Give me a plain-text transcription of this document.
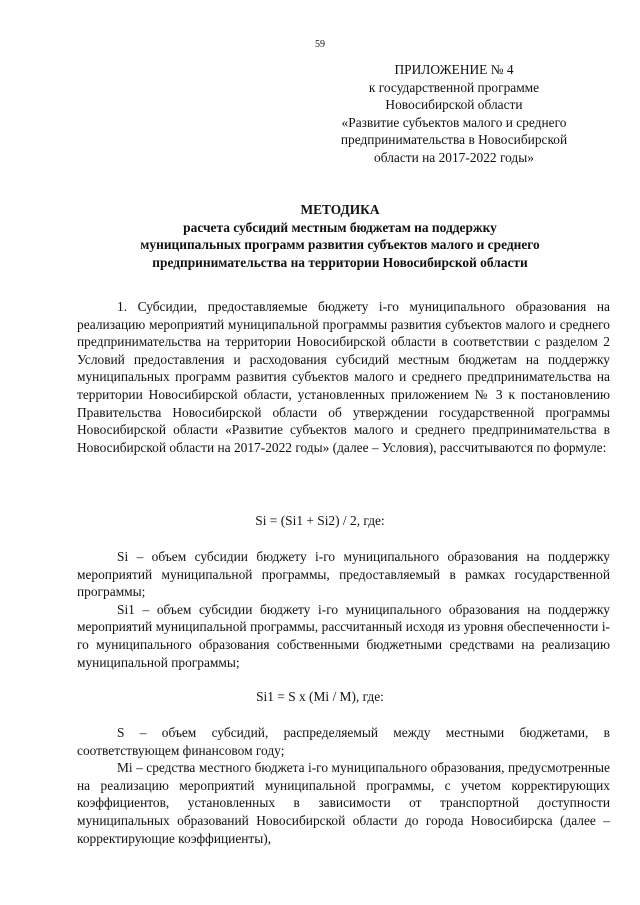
59
ПРИЛОЖЕНИЕ № 4
к государственной программе
Новосибирской области
«Развитие субъектов малого и среднего
предпринимательства в Новосибирской
области на 2017-2022 годы»
МЕТОДИКА
расчета субсидий местным бюджетам на поддержку
муниципальных программ развития субъектов малого и среднего
предпринимательства на территории Новосибирской области

1. Субсидии, предоставляемые бюджету i-го муниципального образования на реализацию мероприятий муниципальной программы развития субъектов малого и среднего предпринимательства на территории Новосибирской области в соответствии с разделом 2 Условий предоставления и расходования субсидий местным бюджетам на поддержку муниципальных программ развития субъектов малого и среднего предпринимательства на территории Новосибирской области, установленных приложением № 3 к постановлению Правительства Новосибирской области об утверждении государственной программы Новосибирской области «Развитие субъектов малого и среднего предпринимательства в Новосибирской области на 2017-2022 годы» (далее – Условия), рассчитываются по формуле:

Si = (Si1 + Si2) / 2, где:

Si – объем субсидии бюджету i-го муниципального образования на поддержку мероприятий муниципальной программы, предоставляемый в рамках государственной программы;

Si1 – объем субсидии бюджету i-го муниципального образования на поддержку мероприятий муниципальной программы, рассчитанный исходя из уровня обеспеченности i-го муниципального образования собственными бюджетными средствами на реализацию муниципальной программы;

Si1 = S x (Mi / M), где:

S – объем субсидий, распределяемый между местными бюджетами, в соответствующем финансовом году;

Mi – средства местного бюджета i-го муниципального образования, предусмотренные на реализацию мероприятий муниципальной программы, с учетом корректирующих коэффициентов, установленных в зависимости от транспортной доступности муниципальных образований Новосибирской области до города Новосибирска (далее – корректирующие коэффициенты),
